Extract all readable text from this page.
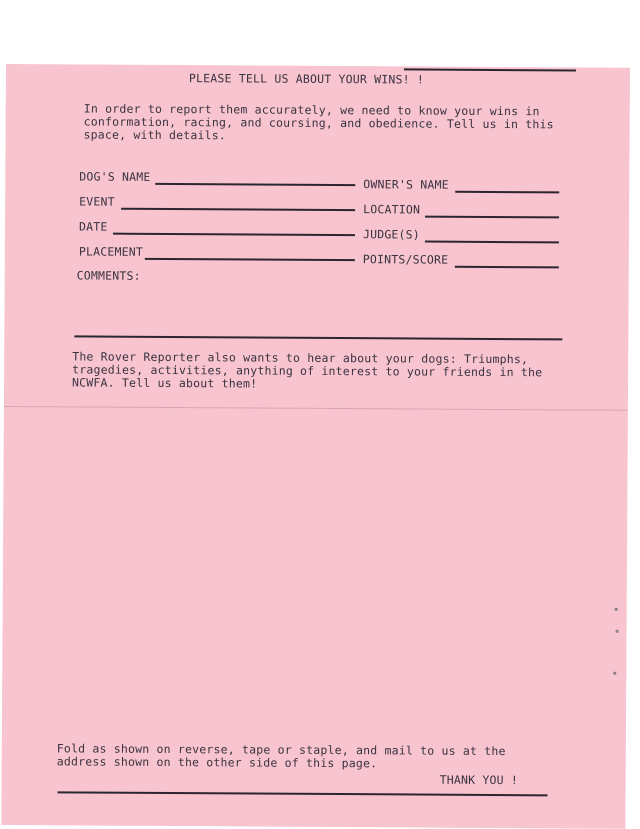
PLEASE TELL US ABOUT YOUR WINS! !
In order to report them accurately, we need to know your wins in conformation, racing, and coursing, and obedience. Tell us in this space, with details.
DOG'S NAME
OWNER'S NAME
EVENT
LOCATION
DATE
JUDGE(S)
PLACEMENT
POINTS/SCORE
COMMENTS:
The Rover Reporter also wants to hear about your dogs: Triumphs, tragedies, activities, anything of interest to your friends in the NCWFA. Tell us about them!
Fold as shown on reverse, tape or staple, and mail to us at the address shown on the other side of this page.
THANK YOU !
